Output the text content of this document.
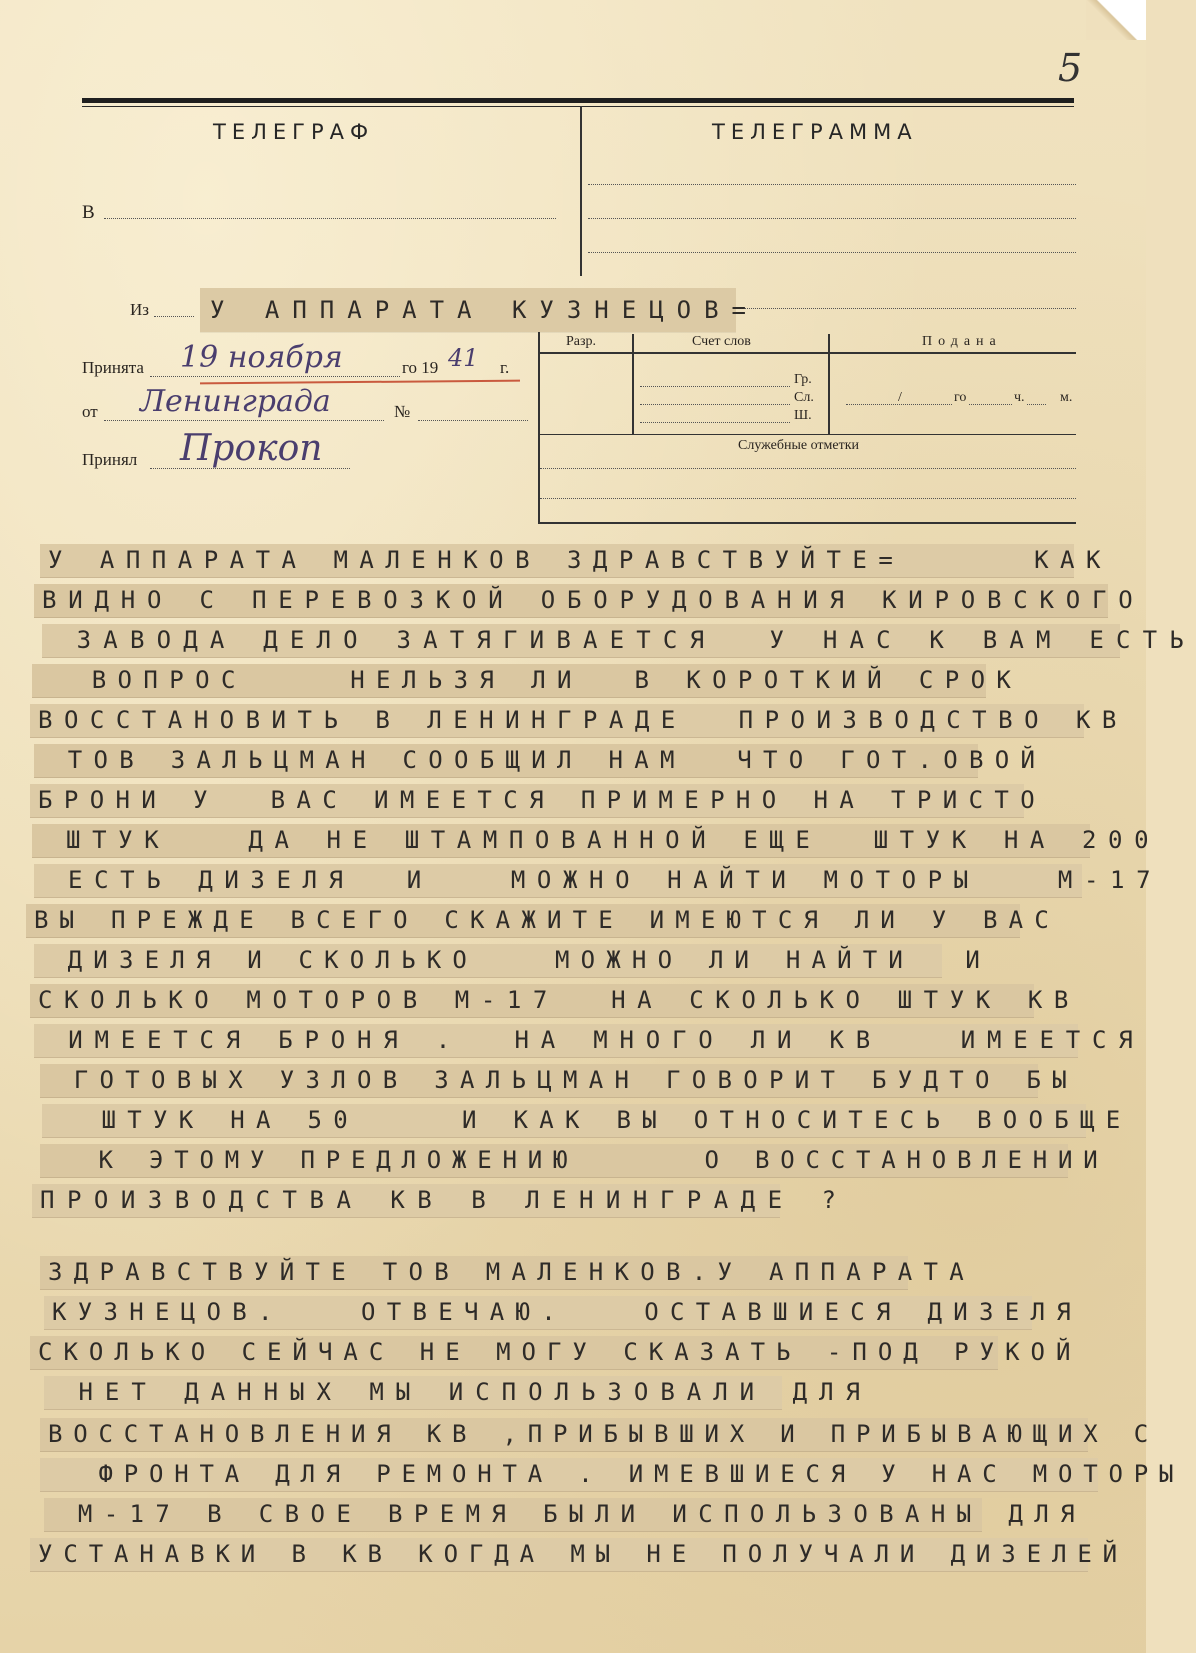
5
ТЕЛЕГРАФ	ТЕЛЕГРАММА
В
Из	У АППАРАТА КУЗНЕЦОВ=
Принята 19 ноября	го 19 41 г.
от Ленинграда	№
Принял Прокоп
Разр.	Счет слов	Подана
Гр.
Сл.
Ш.
/	го	ч.	м.
Служебные отметки
У АППАРАТА МАЛЕНКОВ ЗДРАВСТВУЙТЕ=     КАК
ВИДНО С ПЕРЕВОЗКОЙ ОБОРУДОВАНИЯ КИРОВСКОГО
ЗАВОДА ДЕЛО ЗАТЯГИВАЕТСЯ  У НАС К ВАМ ЕСТЬ
ВОПРОС    НЕЛЬЗЯ ЛИ  В КОРОТКИЙ СРОК
ВОССТАНОВИТЬ В ЛЕНИНГРАДЕ  ПРОИЗВОДСТВО КВ
ТОВ ЗАЛЬЦМАН СООБЩИЛ НАМ  ЧТО ГОТ.ОВОЙ
БРОНИ У  ВАС ИМЕЕТСЯ ПРИМЕРНО НА ТРИСТО
ШТУК   ДА НЕ ШТАМПОВАННОЙ ЕЩЕ  ШТУК НА 200
ЕСТЬ ДИЗЕЛЯ  И   МОЖНО НАЙТИ МОТОРЫ   М-17
ВЫ ПРЕЖДЕ ВСЕГО СКАЖИТЕ ИМЕЮТСЯ ЛИ У ВАС
ДИЗЕЛЯ И СКОЛЬКО   МОЖНО ЛИ НАЙТИ  И
СКОЛЬКО МОТОРОВ М-17  НА СКОЛЬКО ШТУК КВ
ИМЕЕТСЯ БРОНЯ .  НА МНОГО ЛИ КВ   ИМЕЕТСЯ
ГОТОВЫХ УЗЛОВ ЗАЛЬЦМАН ГОВОРИТ БУДТО БЫ
ШТУК НА 50    И КАК ВЫ ОТНОСИТЕСЬ ВООБЩЕ
К ЭТОМУ ПРЕДЛОЖЕНИЮ     О ВОССТАНОВЛЕНИИ
ПРОИЗВОДСТВА КВ В ЛЕНИНГРАДЕ ?
ЗДРАВСТВУЙТЕ ТОВ МАЛЕНКОВ.У АППАРАТА
КУЗНЕЦОВ.   ОТВЕЧАЮ.   ОСТАВШИЕСЯ ДИЗЕЛЯ
СКОЛЬКО СЕЙЧАС НЕ МОГУ СКАЗАТЬ -ПОД РУКОЙ
НЕТ ДАННЫХ МЫ ИСПОЛЬЗОВАЛИ ДЛЯ
ВОССТАНОВЛЕНИЯ КВ ,ПРИБЫВШИХ И ПРИБЫВАЮЩИХ С
ФРОНТА ДЛЯ РЕМОНТА . ИМЕВШИЕСЯ У НАС МОТОРЫ
М-17 В СВОЕ ВРЕМЯ БЫЛИ ИСПОЛЬЗОВАНЫ ДЛЯ
УСТАНАВКИ В КВ КОГДА МЫ НЕ ПОЛУЧАЛИ ДИЗЕЛЕЙ
